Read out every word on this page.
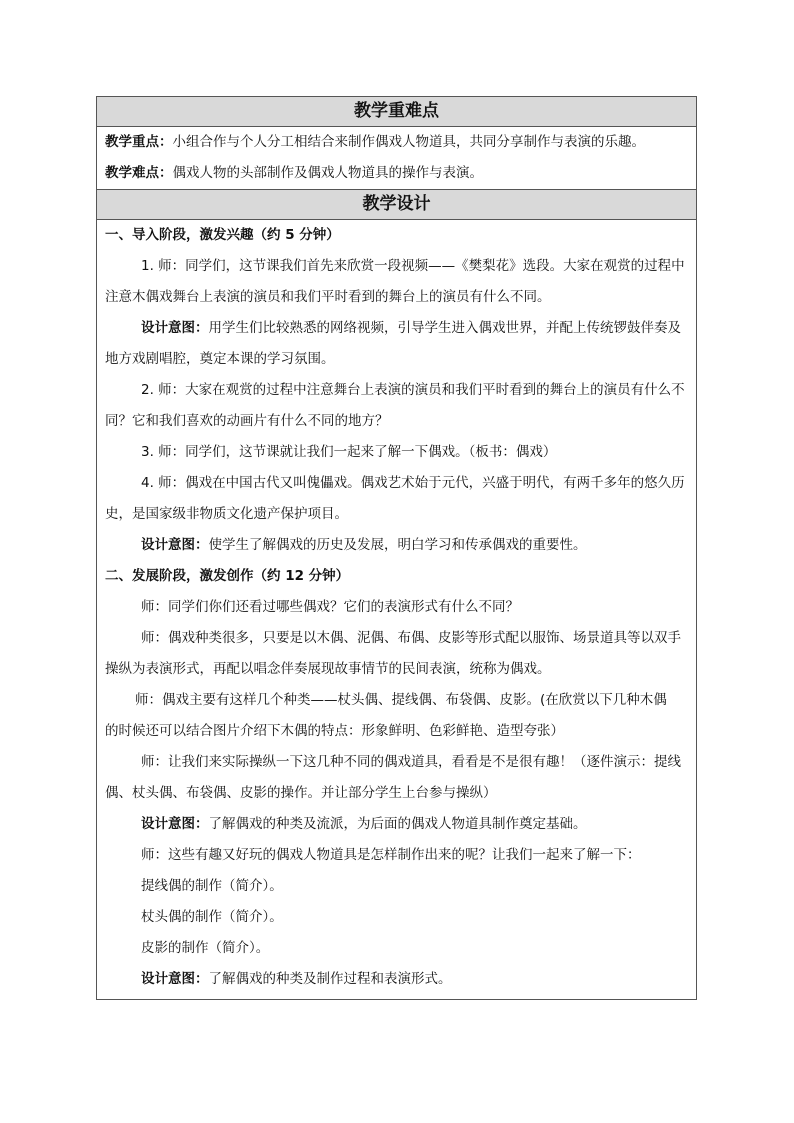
教学重难点
教学重点：小组合作与个人分工相结合来制作偶戏人物道具，共同分享制作与表演的乐趣。
教学难点：偶戏人物的头部制作及偶戏人物道具的操作与表演。
教学设计
一、导入阶段，激发兴趣（约 5 分钟）
1. 师：同学们，这节课我们首先来欣赏一段视频——《樊梨花》选段。大家在观赏的过程中
注意木偶戏舞台上表演的演员和我们平时看到的舞台上的演员有什么不同。
设计意图：用学生们比较熟悉的网络视频，引导学生进入偶戏世界，并配上传统锣鼓伴奏及
地方戏剧唱腔，奠定本课的学习氛围。
2. 师：大家在观赏的过程中注意舞台上表演的演员和我们平时看到的舞台上的演员有什么不
同？它和我们喜欢的动画片有什么不同的地方？
3. 师：同学们，这节课就让我们一起来了解一下偶戏。（板书：偶戏）
4. 师：偶戏在中国古代又叫傀儡戏。偶戏艺术始于元代，兴盛于明代，有两千多年的悠久历
史，是国家级非物质文化遗产保护项目。
设计意图：使学生了解偶戏的历史及发展，明白学习和传承偶戏的重要性。
二、发展阶段，激发创作（约 12 分钟）
师：同学们你们还看过哪些偶戏？它们的表演形式有什么不同？
师：偶戏种类很多，只要是以木偶、泥偶、布偶、皮影等形式配以服饰、场景道具等以双手
操纵为表演形式，再配以唱念伴奏展现故事情节的民间表演，统称为偶戏。
师：偶戏主要有这样几个种类——杖头偶、提线偶、布袋偶、皮影。(在欣赏以下几种木偶
的时候还可以结合图片介绍下木偶的特点：形象鲜明、色彩鲜艳、造型夸张）
师：让我们来实际操纵一下这几种不同的偶戏道具，看看是不是很有趣！（逐件演示：提线
偶、杖头偶、布袋偶、皮影的操作。并让部分学生上台参与操纵）
设计意图：了解偶戏的种类及流派，为后面的偶戏人物道具制作奠定基础。
师：这些有趣又好玩的偶戏人物道具是怎样制作出来的呢？让我们一起来了解一下：
提线偶的制作（简介）。
杖头偶的制作（简介）。
皮影的制作（简介）。
设计意图：了解偶戏的种类及制作过程和表演形式。
